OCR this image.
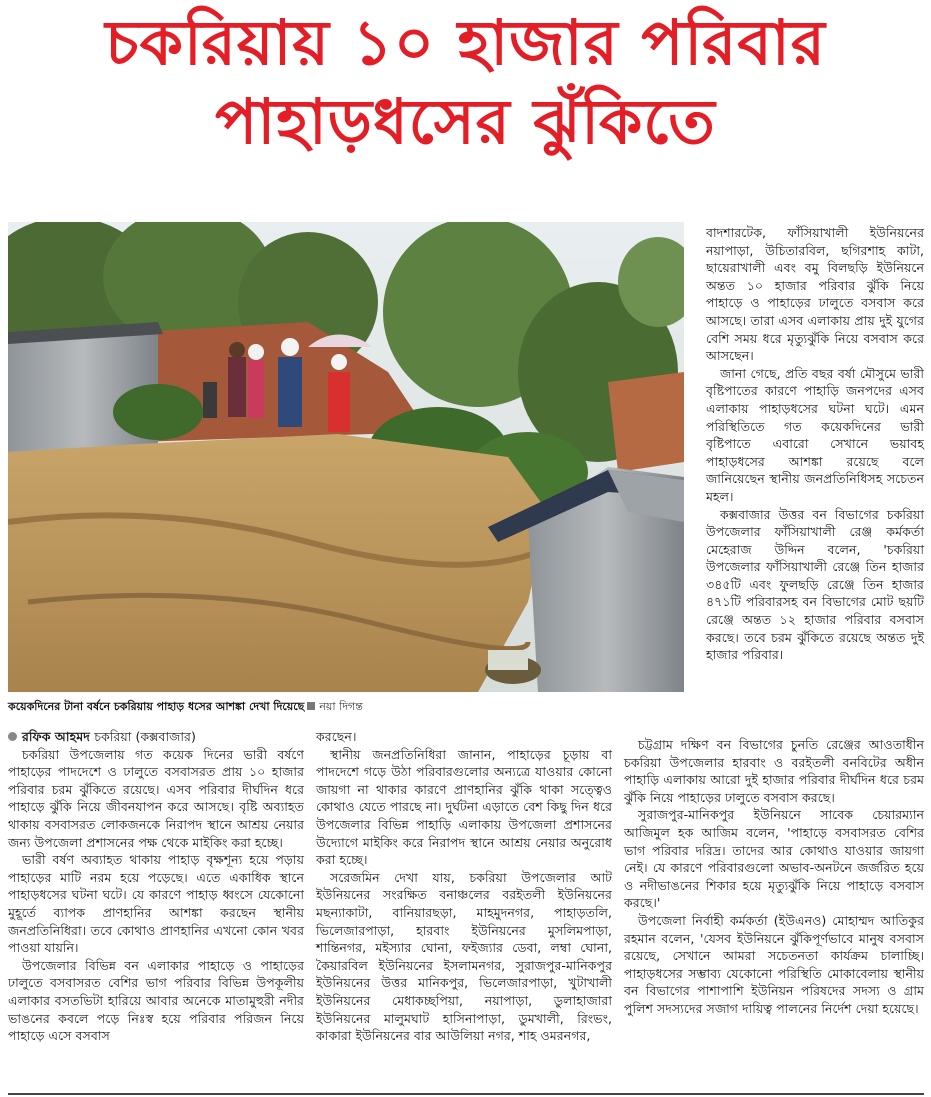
চকরিয়ায় ১০ হাজার পরিবার
পাহাড়ধসের ঝুঁকিতে
কয়েকদিনের টানা বর্ষনে চকরিয়ায় পাহাড় ধসের আশঙ্কা দেখা দিয়েছে নয়া দিগন্ত

বাদশারটেক, ফাঁসিয়াখালী ইউনিয়নের নয়াপাড়া, উচিতারবিল, ছগিরশাহ কাটা, ছায়েরাখালী এবং বমু বিলছড়ি ইউনিয়নে অন্তত ১০ হাজার পরিবার ঝুঁকি নিয়ে পাহাড়ে ও পাহাড়ের ঢালুতে বসবাস করে আসছে। তারা এসব এলাকায় প্রায় দুই যুগের বেশি সময় ধরে মৃত্যুঝুঁকি নিয়ে বসবাস করে আসছেন।

জানা গেছে, প্রতি বছর বর্ষা মৌসুমে ভারী বৃষ্টিপাতের কারণে পাহাড়ি জনপদের এসব এলাকায় পাহাড়ধসের ঘটনা ঘটে। এমন পরিস্থিতিতে গত কয়েকদিনের ভারী বৃষ্টিপাতে এবারো সেখানে ভয়াবহ পাহাড়ধসের আশঙ্কা রয়েছে বলে জানিয়েছেন স্থানীয় জনপ্রতিনিধিসহ সচেতন মহল।

কক্সবাজার উত্তর বন বিভাগের চকরিয়া উপজেলার ফাঁসিয়াখালী রেঞ্জ কর্মকর্তা মেহেরাজ উদ্দিন বলেন, 'চকরিয়া উপজেলার ফাঁসিয়াখালী রেঞ্জে তিন হাজার ৩৪৫টি এবং ফুলছড়ি রেঞ্জে তিন হাজার ৪৭১টি পরিবারসহ বন বিভাগের মোট ছয়টি রেঞ্জে অন্তত ১২ হাজার পরিবার বসবাস করছে। তবে চরম ঝুঁকিতে রয়েছে অন্তত দুই হাজার পরিবার।

রফিক আহমদ চকরিয়া (কক্সবাজার)

চকরিয়া উপজেলায় গত কয়েক দিনের ভারী বর্ষণে পাহাড়ের পাদদেশে ও ঢালুতে বসবাসরত প্রায় ১০ হাজার পরিবার চরম ঝুঁকিতে রয়েছে। এসব পরিবার দীর্ঘদিন ধরে পাহাড়ে ঝুঁকি নিয়ে জীবনযাপন করে আসছে। বৃষ্টি অব্যাহত থাকায় বসবাসরত লোকজনকে নিরাপদ স্থানে আশ্রয় নেয়ার জন্য উপজেলা প্রশাসনের পক্ষ থেকে মাইকিং করা হচ্ছে।

ভারী বর্ষণ অব্যাহত থাকায় পাহাড় বৃক্ষশূন্য হয়ে পড়ায় পাহাড়ের মাটি নরম হয়ে পড়েছে। এতে একাধিক স্থানে পাহাড়ধসের ঘটনা ঘটে। যে কারণে পাহাড় ধ্বংসে যেকোনো মুহূর্তে ব্যাপক প্রাণহানির আশঙ্কা করছেন স্থানীয় জনপ্রতিনিধিরা। তবে কোথাও প্রাণহানির এখনো কোন খবর পাওয়া যায়নি।

উপজেলার বিভিন্ন বন এলাকার পাহাড়ে ও পাহাড়ের ঢালুতে বসবাসরত বেশির ভাগ পরিবার বিভিন্ন উপকূলীয় এলাকার বসতভিটা হারিয়ে আবার অনেকে মাতামুহুরী নদীর ভাঙনের কবলে পড়ে নিঃস্ব হয়ে পরিবার পরিজন নিয়ে পাহাড়ে এসে বসবাস

করছেন।

স্থানীয় জনপ্রতিনিধিরা জানান, পাহাড়ের চূড়ায় বা পাদদেশে গড়ে উঠা পরিবারগুলোর অন্যত্রে যাওয়ার কোনো জায়গা না থাকার কারণে প্রাণহানির ঝুঁকি থাকা সত্ত্বেও কোথাও যেতে পারছে না। দুর্ঘটনা এড়াতে বেশ কিছু দিন ধরে উপজেলার বিভিন্ন পাহাড়ি এলাকায় উপজেলা প্রশাসনের উদ্যোগে মাইকিং করে নিরাপদ স্থানে আশ্রয় নেয়ার অনুরোধ করা হচ্ছে।

সরেজমিন দেখা যায়, চকরিয়া উপজেলার আট ইউনিয়নের সংরক্ষিত বনাঞ্চলের বরইতলী ইউনিয়নের মছন্যাকাটা, বানিয়ারছড়া, মাহমুদনগর, পাহাড়তলি, ভিলেজারপাড়া, হারবাং ইউনিয়নের মুসলিমপাড়া, শান্তিনগর, মইস্যার ঘোনা, ফইজ্যার ডেবা, লম্বা ঘোনা, কৈয়ারবিল ইউনিয়নের ইসলামনগর, সুরাজপুর-মানিকপুর ইউনিয়নের উত্তর মানিকপুর, ভিলেজারপাড়া, খুটাখালী ইউনিয়নের মেধাকচ্ছপিয়া, নয়াপাড়া, ডুলাহাজারা ইউনিয়নের মালুমঘাট হাসিনাপাড়া, ডুমখালী, রিংভং, কাকারা ইউনিয়নের বার আউলিয়া নগর, শাহ ওমরনগর,

চট্টগ্রাম দক্ষিণ বন বিভাগের চুনতি রেঞ্জের আওতাধীন চকরিয়া উপজেলার হারবাং ও বরইতলী বনবিটের অধীন পাহাড়ি এলাকায় আরো দুই হাজার পরিবার দীর্ঘদিন ধরে চরম ঝুঁকি নিয়ে পাহাড়ের ঢালুতে বসবাস করছে।

সুরাজপুর-মানিকপুর ইউনিয়নে সাবেক চেয়ারম্যান আজিমুল হক আজিম বলেন, 'পাহাড়ে বসবাসরত বেশির ভাগ পরিবার দরিদ্র। তাদের আর কোথাও যাওয়ার জায়গা নেই। যে কারণে পরিবারগুলো অভাব-অনটনে জর্জরিত হয়ে ও নদীভাঙনের শিকার হয়ে মৃত্যুঝুঁকি নিয়ে পাহাড়ে বসবাস করছে।'

উপজেলা নির্বাহী কর্মকর্তা (ইউএনও) মোহাম্মদ আতিকুর রহমান বলেন, 'যেসব ইউনিয়নে ঝুঁকিপূর্ণভাবে মানুষ বসবাস রয়েছে, সেখানে আমরা সচেতনতা কার্যক্রম চালাচ্ছি। পাহাড়ধসের সম্ভাব্য যেকোনো পরিস্থিতি মোকাবেলায় স্থানীয় বন বিভাগের পাশাপাশি ইউনিয়ন পরিষদের সদস্য ও গ্রাম পুলিশ সদস্যদের সজাগ দায়িত্ব পালনের নির্দেশ দেয়া হয়েছে।
